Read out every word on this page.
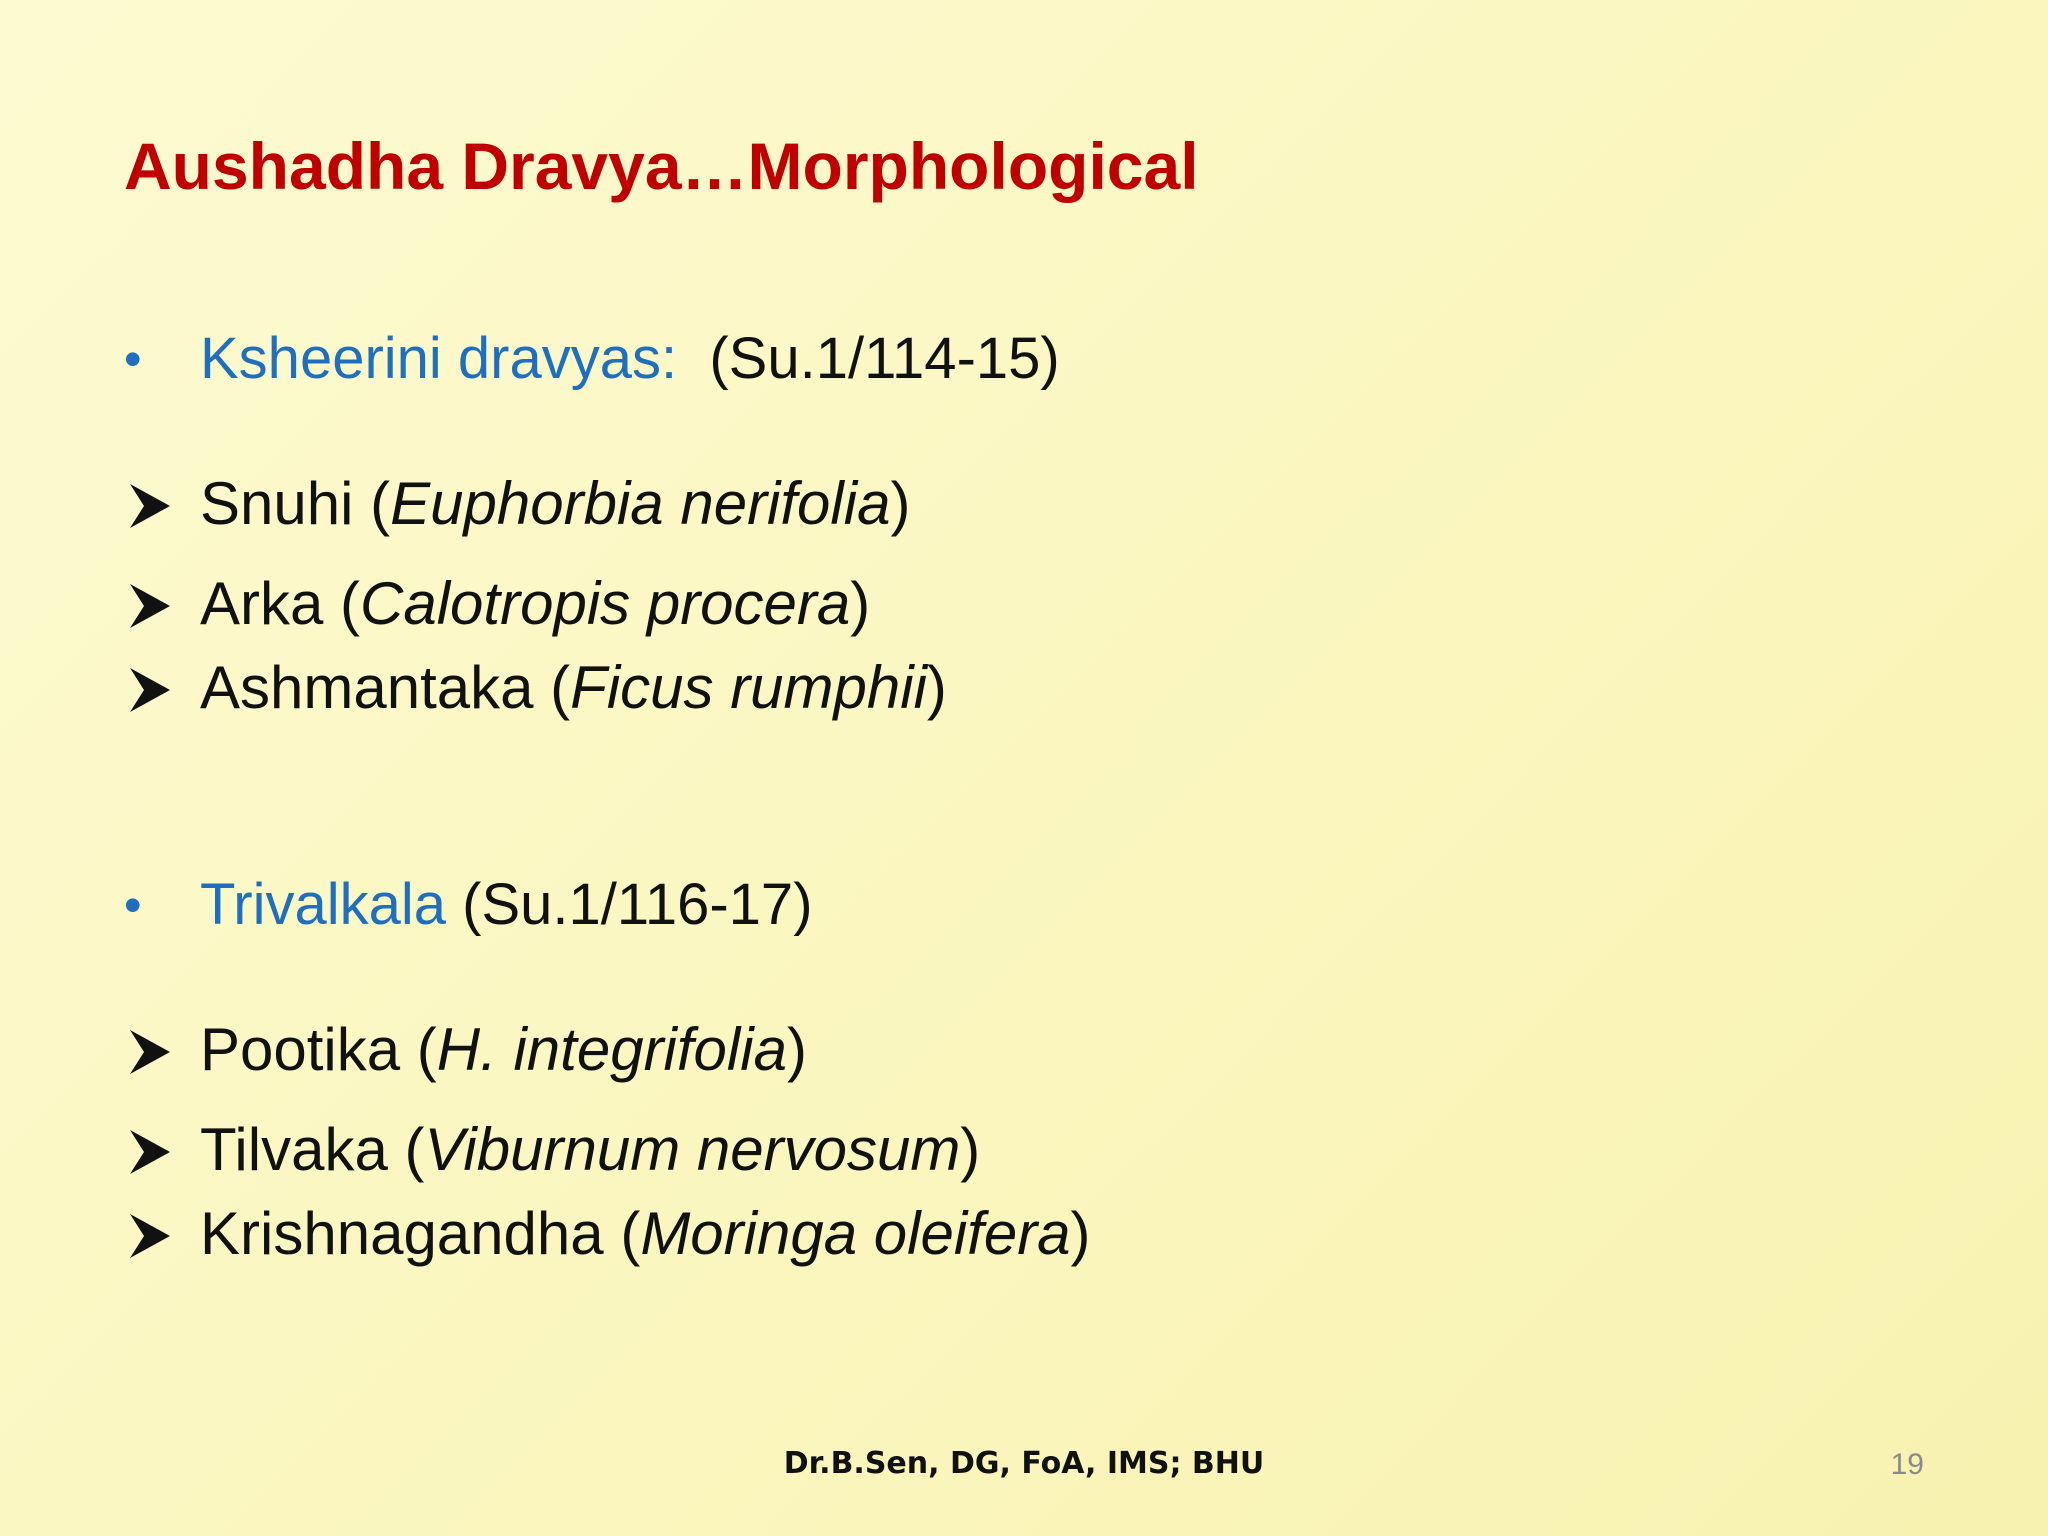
Aushadha Dravya…Morphological
• Ksheerini dravyas: (Su.1/114-15)
Snuhi (Euphorbia nerifolia)
Arka (Calotropis procera)
Ashmantaka (Ficus rumphii)
• Trivalkala (Su.1/116-17)
Pootika (H. integrifolia)
Tilvaka (Viburnum nervosum)
Krishnagandha (Moringa oleifera)
Dr.B.Sen, DG, FoA, IMS; BHU	19
